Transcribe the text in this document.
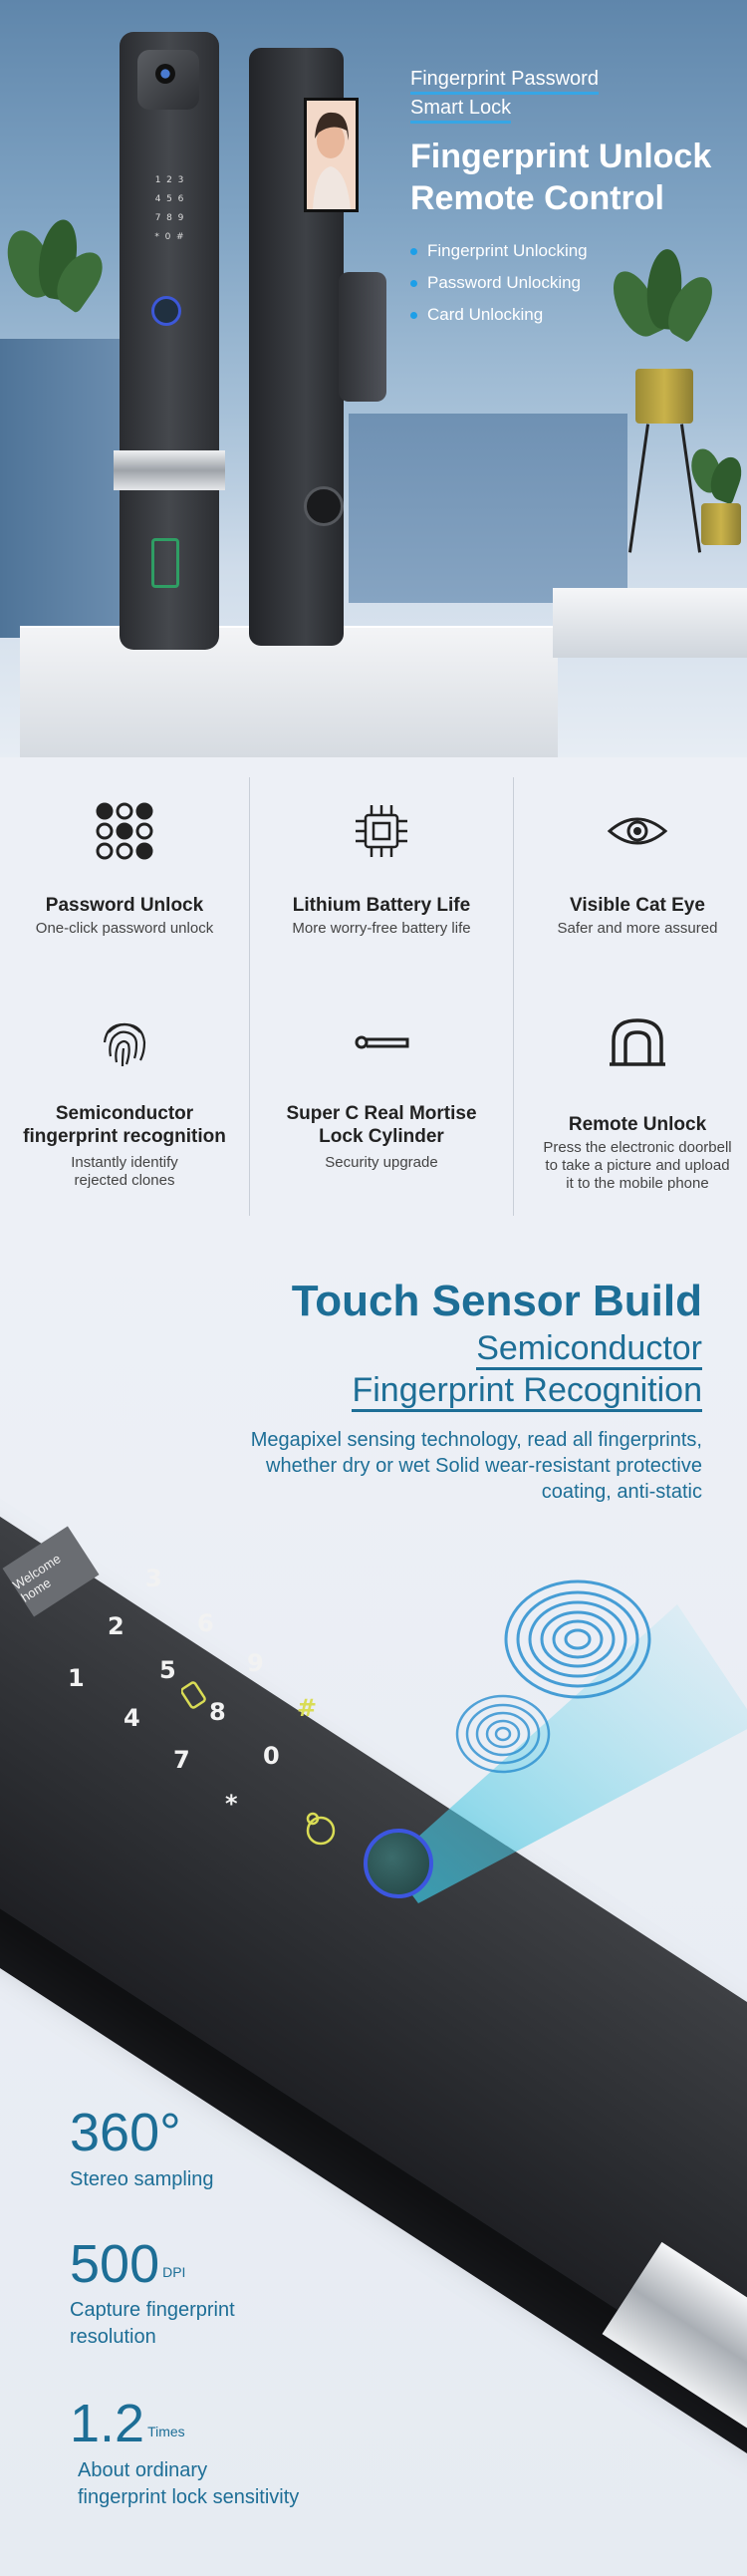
1  2  3
4  5  6
7  8  9
*  0  #
Fingerprint Password
Smart Lock
Fingerprint Unlock
Remote Control
Fingerprint Unlocking
Password Unlocking
Card Unlocking
Password Unlock
One-click password unlock
Lithium Battery Life
More worry-free battery life
Visible Cat Eye
Safer and more assured
Semiconductor
fingerprint recognition
Instantly identify
rejected clones
Super C Real Mortise
Lock Cylinder
Security upgrade
Remote Unlock
Press the electronic doorbell
to take a picture and upload
it to the mobile phone
Welcome home
1
2
3
4
5
6
7
8
9
*
0
#
Touch Sensor Build
Semiconductor
Fingerprint Recognition
Megapixel sensing technology, read all fingerprints,
whether dry or wet Solid wear-resistant protective
coating, anti-static
360°
Stereo sampling
500 $^{DPI}$
Capture fingerprint
resolution
1.2 $^{Times}$
About ordinary
fingerprint lock sensitivity
